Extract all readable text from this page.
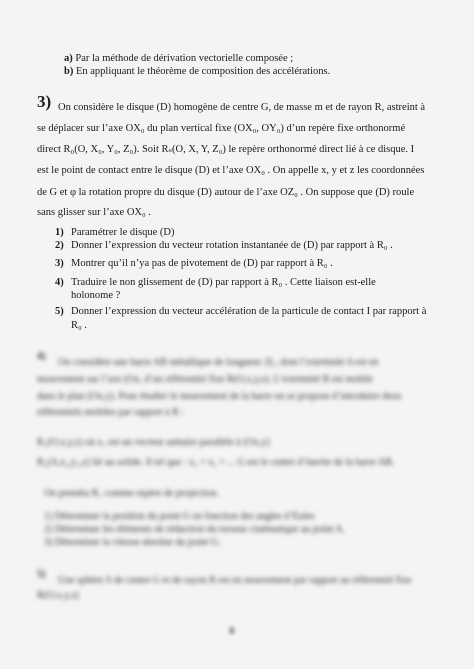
a) Par la méthode de dérivation vectorielle composée ;
b) En appliquant le théorème de composition des accélérations.
3) On considère le disque (D) homogène de centre G, de masse m et de rayon R, astreint à
se déplacer sur l’axe OX₀ du plan vertical fixe (OX₀, OY₀) d’un repère fixe orthonormé
direct R₀(O, X₀, Y₀, Z₀). Soit Rₛ(O, X, Y, Z₀) le repère orthonormé direct lié à ce disque. I
est le point de contact entre le disque (D) et l’axe OX₀ . On appelle x, y et z les coordonnées
de G et φ la rotation propre du disque (D) autour de l’axe OZ₀ . On suppose que (D) roule
sans glisser sur l’axe OX₀ .
1) Paramétrer le disque (D)
2) Donner l’expression du vecteur rotation instantanée de (D) par rapport à R₀ .
3) Montrer qu’il n’ya pas de pivotement de (D) par rapport à R₀ .
4) Traduire le non glissement de (D) par rapport à R₀ . Cette liaison est-elle
holonome ?
5) Donner l’expression du vecteur accélération de la particule de contact I par rapport à
R₀ .
4)
On considère une barre AB métallique de longueur 2L, dont l’extrémité A est en
mouvement sur l’axe (Ox, d’un référentiel fixe R(O,x,y,z). L’extrémité B est mobile
dans le plan (Ox,y). Pour étudier le mouvement de la barre on se propose d’introduire deux
référentiels mobiles par rapport à R :
R₁(O,x,y,z) où x₁ est un vecteur unitaire parallèle à (Ox,y)
R₂(A,x₂,y₂,z) lié au solide. Il tel que : x₂ = x₁ = ... G est le centre d’inertie de la barre AB.
On prendra R₁ comme repère de projection.
1) Déterminer la position du point G en fonction des angles d’Euler.
2) Déterminer les éléments de réduction du torseur cinématique au point A.
3) Déterminer la vitesse absolue du point G.
5)
Une sphère S de centre G et de rayon R est en mouvement par rapport au référentiel fixe
R(O,x,y,z)
8
